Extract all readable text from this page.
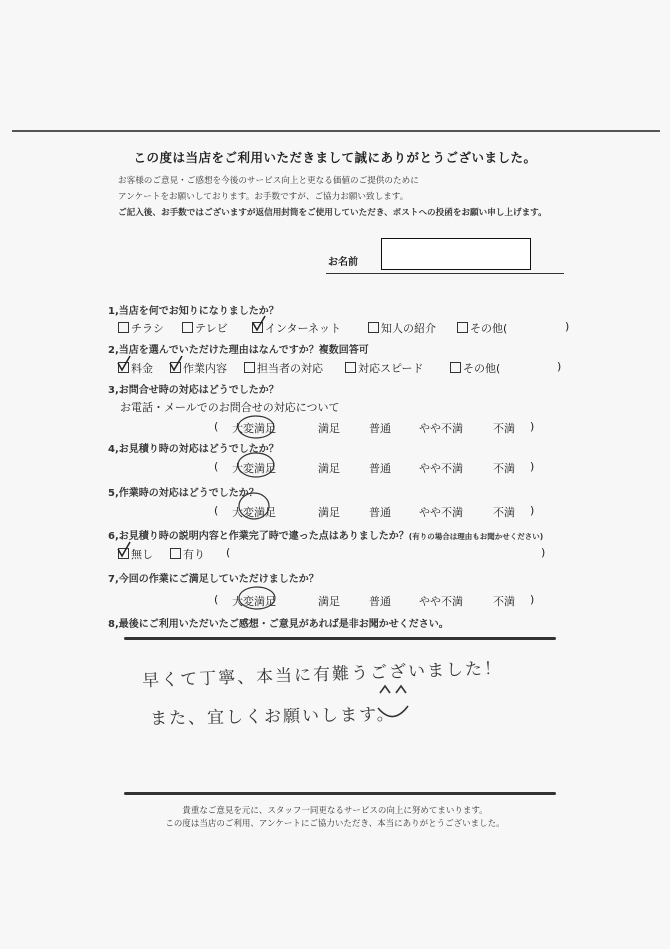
この度は当店をご利用いただきまして誠にありがとうございました。
お客様のご意見・ご感想を今後のサービス向上と更なる価値のご提供のために
アンケートをお願いしております。お手数ですが、ご協力お願い致します。
ご記入後、お手数ではございますが返信用封筒をご使用していただき、ポストへの投函をお願い申し上げます。
お名前
1,当店を何でお知りになりましたか？
チラシ	テレビ	インターネット	知人の紹介	その他(	)
2,当店を選んでいただけた理由はなんですか？複数回答可
料金	作業内容	担当者の対応	対応スピード	その他(	)
3,お問合せ時の対応はどうでしたか？
お電話・メールでのお問合せの対応について
( 大変満足	満足	普通	やや不満	不満 )
4,お見積り時の対応はどうでしたか？
( 大変満足	満足	普通	やや不満	不満 )
5,作業時の対応はどうでしたか？
( 大変満足	満足	普通	やや不満	不満 )
6,お見積り時の説明内容と作業完了時で違った点はありましたか？(有りの場合は理由もお聞かせください)
無し	有り (	)
7,今回の作業にご満足していただけましたか？
( 大変満足	満足	普通	やや不満	不満 )
8,最後にご利用いただいたご感想・ご意見があれば是非お聞かせください。
早くて丁寧、本当に有難うございました！
また、宜しくお願いします。
貴重なご意見を元に、スタッフ一同更なるサービスの向上に努めてまいります。
この度は当店のご利用、アンケートにご協力いただき、本当にありがとうございました。
